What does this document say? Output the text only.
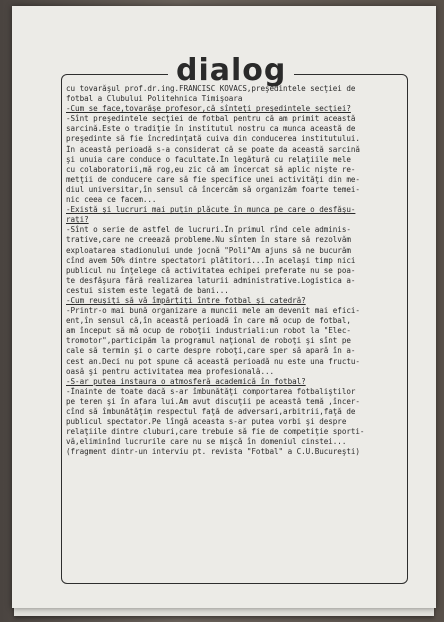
dialog
cu tovarăşul prof.dr.ing.FRANCISC KOVACS,preşedintele secţiei de
fotbal a Clubului Politehnica Timişoara
-Cum se face,tovarăşe profesor,că sînteţi preşedintele secţiei?
-Sînt preşedintele secţiei de fotbal pentru că am primit această
sarcină.Este o tradiţie în institutul nostru ca munca această de
preşedinte să fie încredinţată cuiva din conducerea institutului.
În această perioadă s-a considerat că se poate da această sarcină
şi unuia care conduce o facultate.În legătură cu relaţiile mele
cu colaboratorii,mă rog,eu zic că am încercat să aplic nişte re-
metţii de conducere care să fie specifice unei activităţi din me-
diul universitar,în sensul că încercăm să organizăm foarte temei-
nic ceea ce facem...
-Există şi lucruri mai puţin plăcute în munca pe care o desfăşu-
raţi?
-Sînt o serie de astfel de lucruri.În primul rînd cele adminis-
trative,care ne creează probleme.Nu sîntem în stare să rezolvăm
exploatarea stadionului unde jocnă "Poli"Am ajuns să ne bucurăm
cînd avem 50% dintre spectatori plătitori...În acelaşi timp nici
publicul nu înţelege că activitatea echipei preferate nu se poa-
te desfăşura fără realizarea laturii administrative.Logistica a-
cestui sistem este legată de bani...
-Cum reuşiţi să vă împărţiţi între fotbal şi catedră?
-Printr-o mai bună organizare a muncii mele am devenit mai efici-
ent,în sensul că,în această perioadă în care mă ocup de fotbal,
am început să mă ocup de roboţii industriali:un robot la "Elec-
tromotor",participăm la programul naţional de roboţi şi sînt pe
cale să termin şi o carte despre roboţi,care sper să apară în a-
cest an.Deci nu pot spune că această perioadă nu este una fructu-
oasă şi pentru activitatea mea profesională...
-S-ar putea instaura o atmosferă academică în fotbal?
-Înainte de toate dacă s-ar îmbunătăţi comportarea fotbaliştilor
pe teren şi în afara lui.Am avut discuţii pe această temă ,încer-
cînd să îmbunătăţim respectul faţă de adversari,arbitrii,faţă de
publicul spectator.Pe lîngă aceasta s-ar putea vorbi şi despre
relaţiile dintre cluburi,care trebuie să fie de competiţie sporti-
vă,eliminînd lucrurile care nu se mişcă în domeniul cinstei...
(fragment dintr-un interviu pt. revista "Fotbal" a C.U.Bucureşti)
